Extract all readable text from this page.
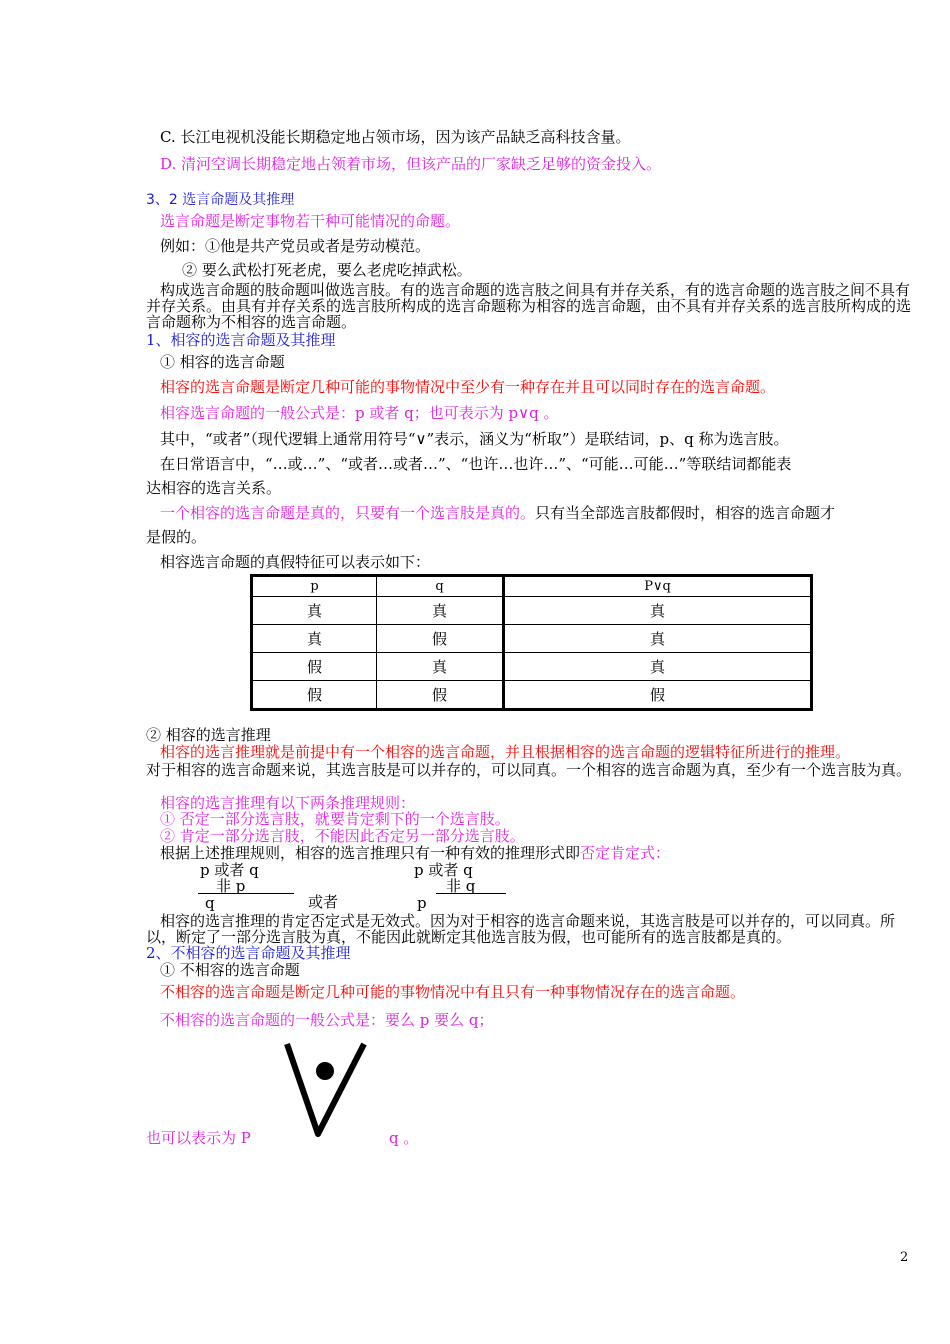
C. 长江电视机没能长期稳定地占领市场，因为该产品缺乏高科技含量。
D. 清河空调长期稳定地占领着市场，但该产品的厂家缺乏足够的资金投入。
3、2 选言命题及其推理
选言命题是断定事物若干种可能情况的命题。
例如：①他是共产党员或者是劳动模范。
② 要么武松打死老虎，要么老虎吃掉武松。
构成选言命题的肢命题叫做选言肢。有的选言命题的选言肢之间具有并存关系，有的选言命题的选言肢之间不具有并存关系。由具有并存关系的选言肢所构成的选言命题称为相容的选言命题，由不具有并存关系的选言肢所构成的选言命题称为不相容的选言命题。
1、相容的选言命题及其推理
① 相容的选言命题
相容的选言命题是断定几种可能的事物情况中至少有一种存在并且可以同时存在的选言命题。
相容选言命题的一般公式是：p 或者 q；也可表示为 p∨q 。
其中，“或者”（现代逻辑上通常用符号“∨”表示，涵义为“析取”）是联结词，p、q 称为选言肢。
在日常语言中，“…或…”、“或者…或者…”、“也许…也许…”、“可能…可能…”等联结词都能表
达相容的选言关系。
一个相容的选言命题是真的，只要有一个选言肢是真的。只有当全部选言肢都假时，相容的选言命题才
是假的。
相容选言命题的真假特征可以表示如下：
p	q	P∨q
真	真	真
真	假	真
假	真	真
假	假	假
② 相容的选言推理
相容的选言推理就是前提中有一个相容的选言命题，并且根据相容的选言命题的逻辑特征所进行的推理。
对于相容的选言命题来说，其选言肢是可以并存的，可以同真。一个相容的选言命题为真，至少有一个选言肢为真。
相容的选言推理有以下两条推理规则：
① 否定一部分选言肢，就要肯定剩下的一个选言肢。
② 肯定一部分选言肢，不能因此否定另一部分选言肢。
根据上述推理规则，相容的选言推理只有一种有效的推理形式即否定肯定式：
p 或者 q
非 p
q	或者
p 或者 q
非 q
p
相容的选言推理的肯定否定式是无效式。因为对于相容的选言命题来说，其选言肢是可以并存的，可以同真。所以，断定了一部分选言肢为真，不能因此就断定其他选言肢为假，也可能所有的选言肢都是真的。
2、不相容的选言命题及其推理
① 不相容的选言命题
不相容的选言命题是断定几种可能的事物情况中有且只有一种事物情况存在的选言命题。
不相容的选言命题的一般公式是：要么 p 要么 q；
也可以表示为 P	q 。
2
